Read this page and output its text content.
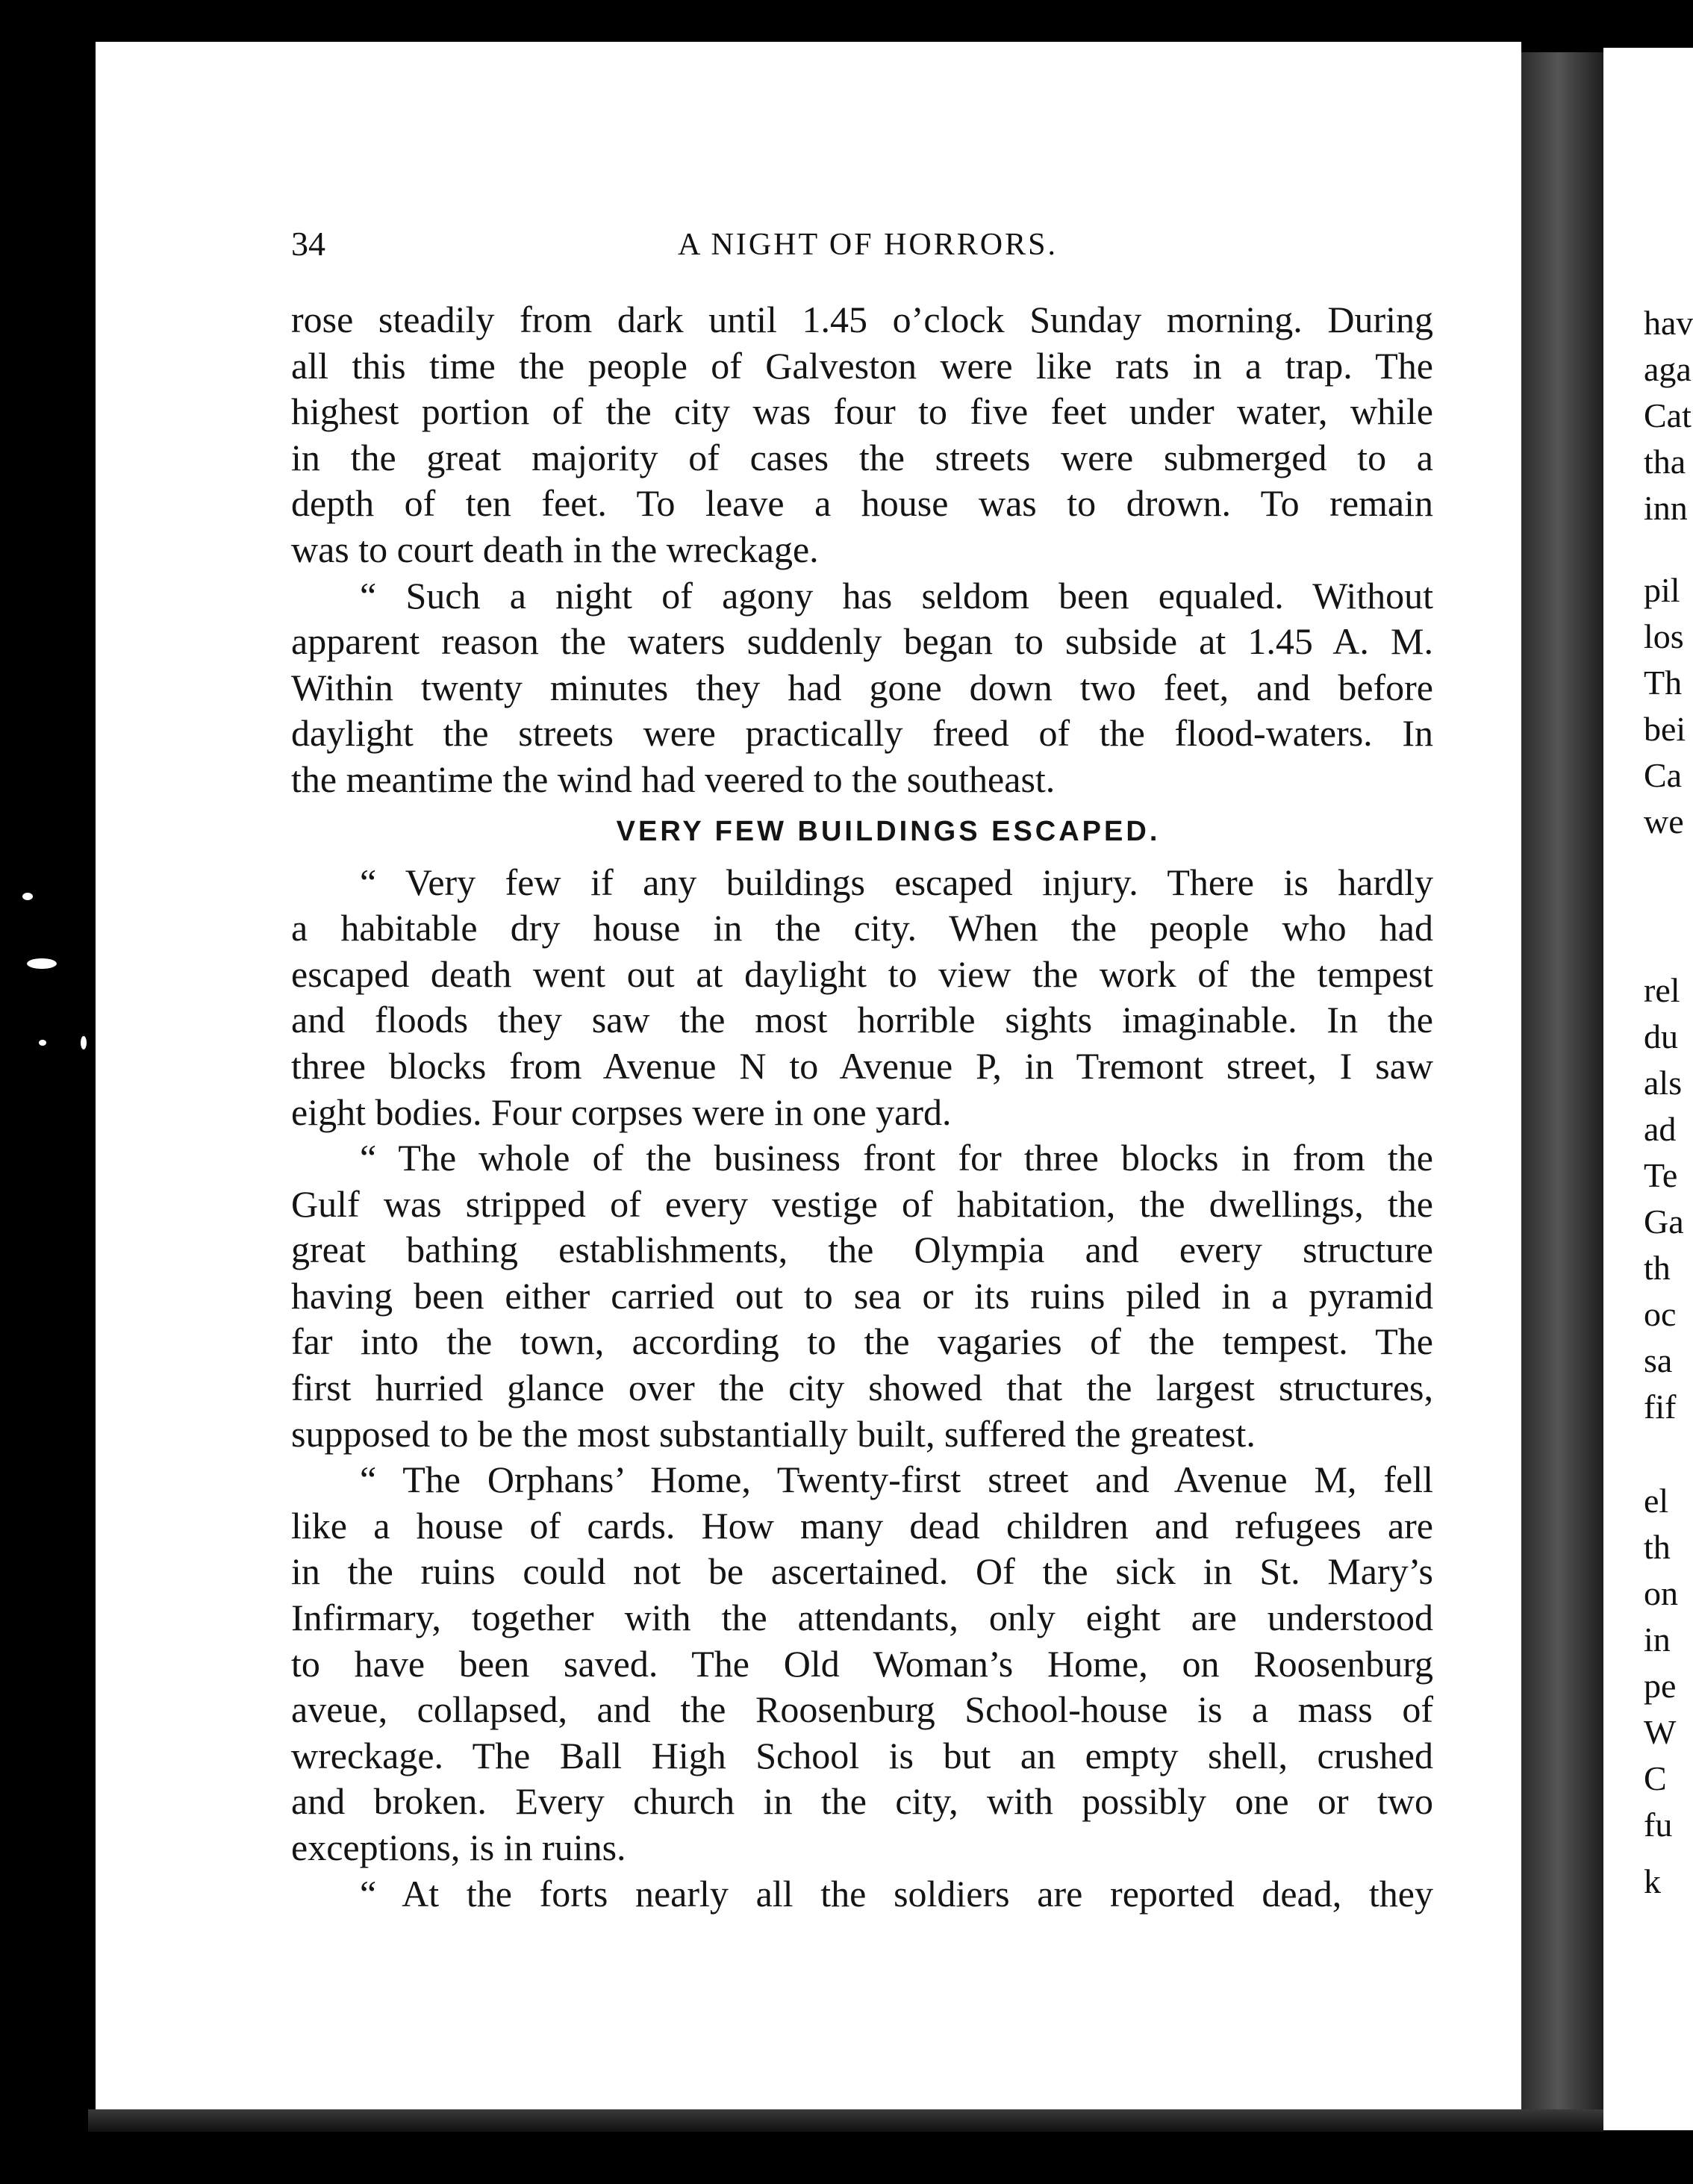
34	A NIGHT OF HORRORS.
rose steadily from dark until 1.45 o’clock Sunday morning. During
all this time the people of Galveston were like rats in a trap. The
highest portion of the city was four to five feet under water, while
in the great majority of cases the streets were submerged to a
depth of ten feet. To leave a house was to drown. To remain
was to court death in the wreckage.
“ Such a night of agony has seldom been equaled. Without
apparent reason the waters suddenly began to subside at 1.45 A. M.
Within twenty minutes they had gone down two feet, and before
daylight the streets were practically freed of the flood-waters. In
the meantime the wind had veered to the southeast.
VERY FEW BUILDINGS ESCAPED.
“ Very few if any buildings escaped injury. There is hardly
a habitable dry house in the city. When the people who had
escaped death went out at daylight to view the work of the tempest
and floods they saw the most horrible sights imaginable. In the
three blocks from Avenue N to Avenue P, in Tremont street, I saw
eight bodies. Four corpses were in one yard.
“ The whole of the business front for three blocks in from the
Gulf was stripped of every vestige of habitation, the dwellings, the
great bathing establishments, the Olympia and every structure
having been either carried out to sea or its ruins piled in a pyramid
far into the town, according to the vagaries of the tempest. The
first hurried glance over the city showed that the largest structures,
supposed to be the most substantially built, suffered the greatest.
“ The Orphans’ Home, Twenty-first street and Avenue M, fell
like a house of cards. How many dead children and refugees are
in the ruins could not be ascertained. Of the sick in St. Mary’s
Infirmary, together with the attendants, only eight are understood
to have been saved. The Old Woman’s Home, on Roosenburg
aveue, collapsed, and the Roosenburg School-house is a mass of
wreckage. The Ball High School is but an empty shell, crushed
and broken. Every church in the city, with possibly one or two
exceptions, is in ruins.
“ At the forts nearly all the soldiers are reported dead, they
hav
aga
Cat
tha
inn
pil
los
Th
bei
Ca
we
rel
du
als
ad
Te
Ga
th
oc
sa
fif
el
th
on
in
pe
W
C
fu
k
